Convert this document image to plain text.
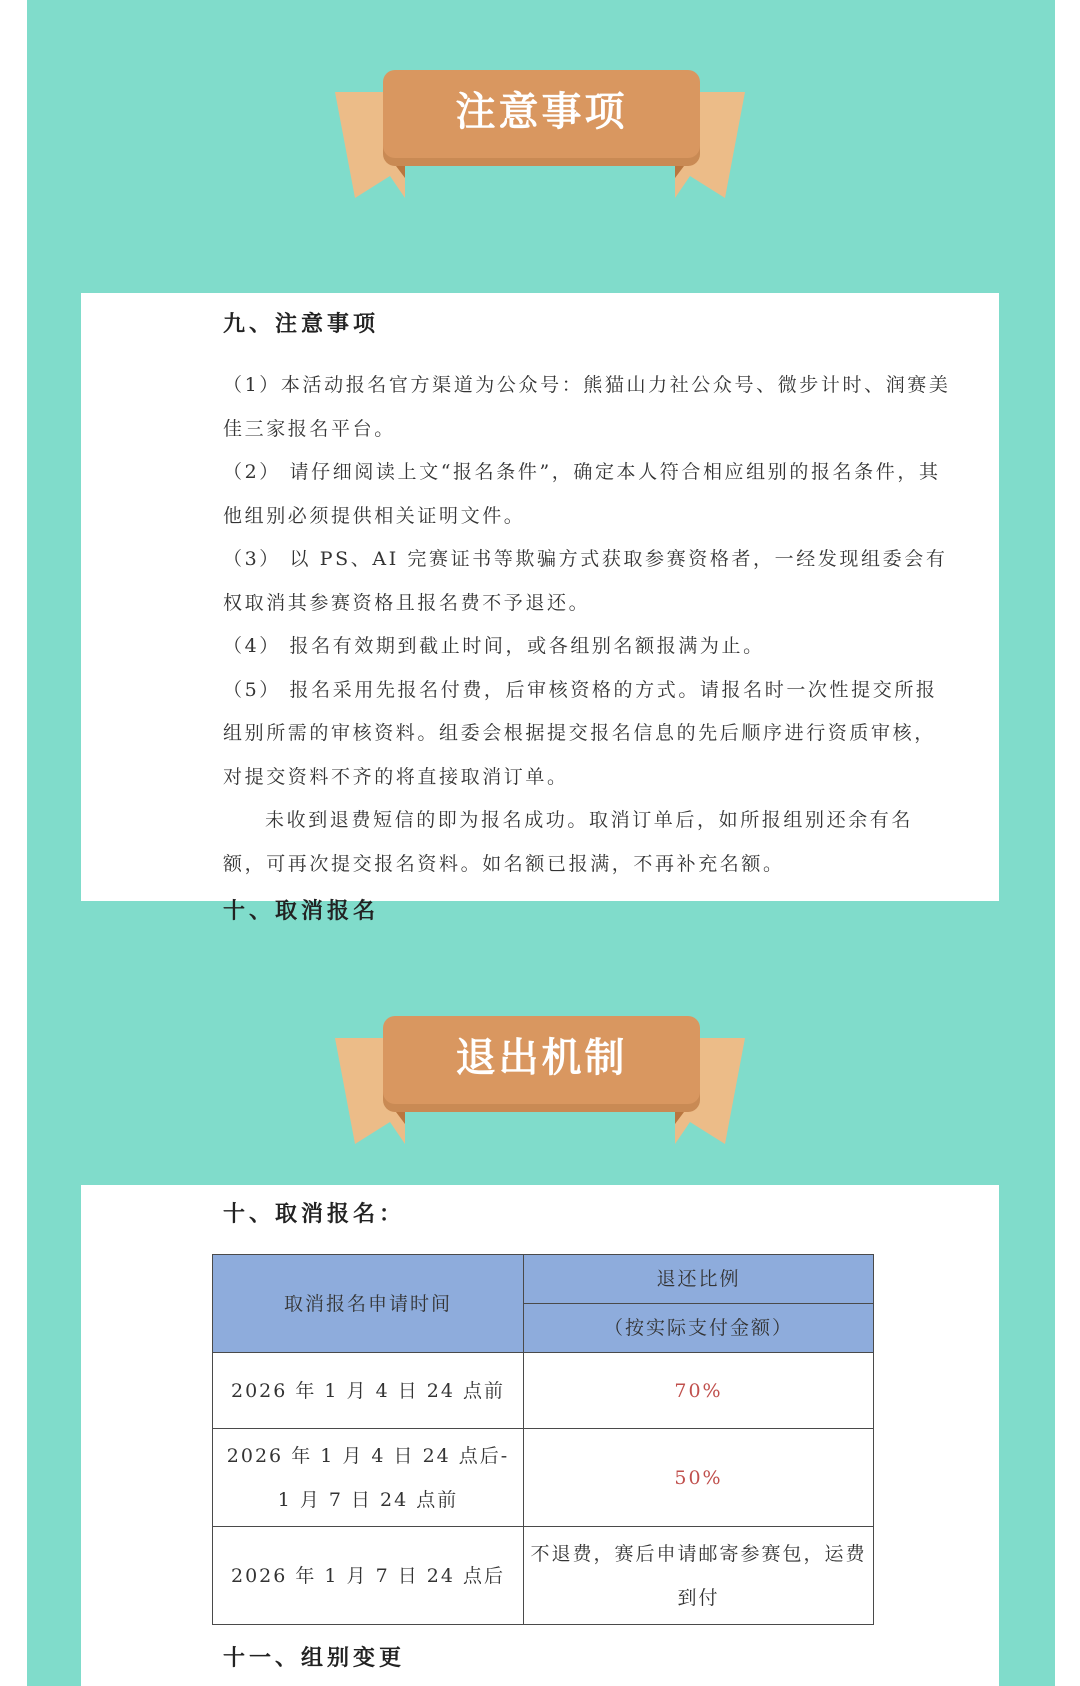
注意事项
九、注意事项

（1）本活动报名官方渠道为公众号：熊猫山力社公众号、微步计时、润赛美佳三家报名平台。

（2） 请仔细阅读上文“报名条件”，确定本人符合相应组别的报名条件，其他组别必须提供相关证明文件。

（3） 以 PS、AI 完赛证书等欺骗方式获取参赛资格者，一经发现组委会有权取消其参赛资格且报名费不予退还。

（4） 报名有效期到截止时间，或各组别名额报满为止。

（5） 报名采用先报名付费，后审核资格的方式。请报名时一次性提交所报组别所需的审核资料。组委会根据提交报名信息的先后顺序进行资质审核，对提交资料不齐的将直接取消订单。

未收到退费短信的即为报名成功。取消订单后，如所报组别还余有名额，可再次提交报名资料。如名额已报满，不再补充名额。

十、取消报名
退出机制
十、取消报名：
十一、组别变更
取消报名申请时间	退还比例
	（按实际支付金额）
2026 年 1 月 4 日 24 点前	70%

2026 年 1 月 4 日 24 点后-
1 月 7 日 24 点前	50%
2026 年 1 月 7 日 24 点后	不退费，赛后申请邮寄参赛包，运费
到付
